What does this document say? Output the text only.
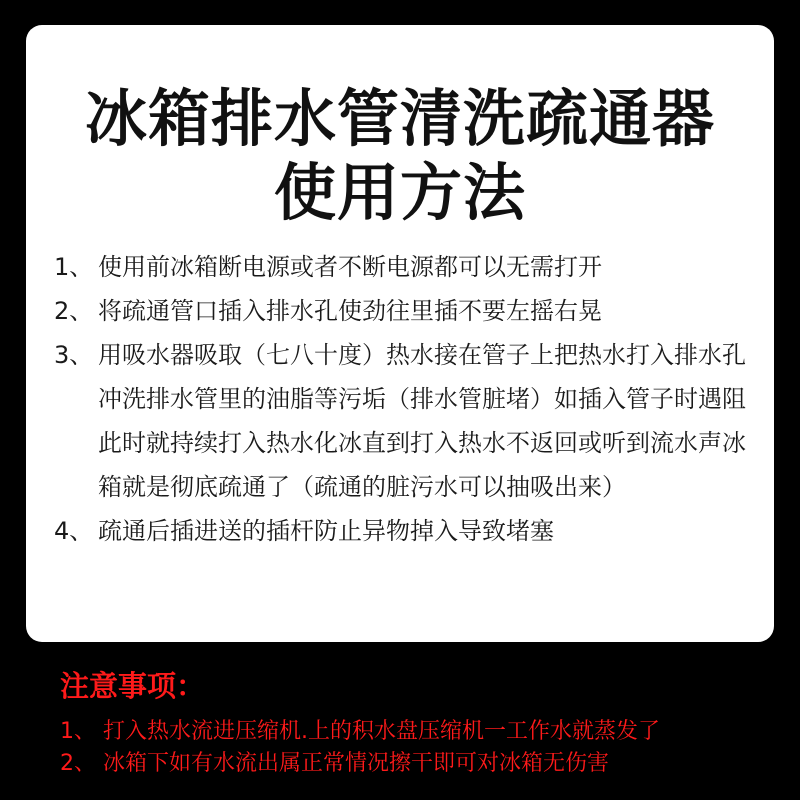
冰箱排水管清洗疏通器
使用方法
1、 使用前冰箱断电源或者不断电源都可以无需打开
2、 将疏通管口插入排水孔使劲往里插不要左摇右晃
3、 用吸水器吸取（七八十度）热水接在管子上把热水打入排水孔冲洗排水管里的油脂等污垢（排水管脏堵）如插入管子时遇阻此时就持续打入热水化冰直到打入热水不返回或听到流水声冰箱就是彻底疏通了（疏通的脏污水可以抽吸出来）
4、 疏通后插进送的插杆防止异物掉入导致堵塞
注意事项：
1、 打入热水流进压缩机.上的积水盘压缩机一工作水就蒸发了
2、 冰箱下如有水流出属正常情况擦干即可对冰箱无伤害
